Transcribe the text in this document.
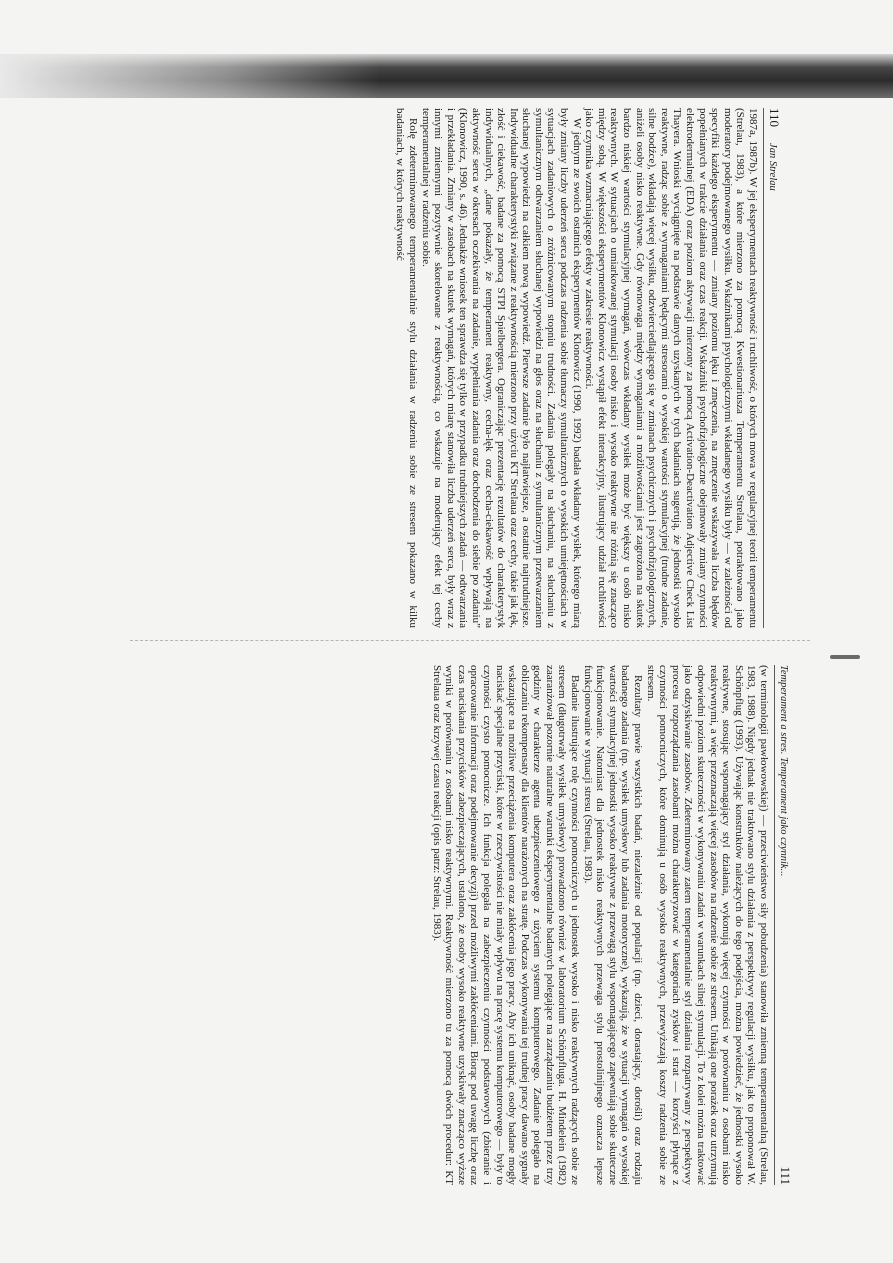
110
Jan Strelau

1987a, 1987b). W jej eksperymentach reaktywność i ruchliwość, o których mowa w regulacyjnej teorii temperamentu (Strelau, 1983), a które mierzono za pomocą Kwestionariusza Temperamentu Strelaua, potraktowano jako moderatory podejmowanego wysiłku. Wskaźnikami psychologicznymi wkładanego wysiłku były — w zależności od specyfiki każdego eksperymentu — zmiany poziomu lęku i zmęczenia, na zmęczenie wskazywała liczba błędów popełnianych w trakcie działania oraz czas reakcji. Wskaźniki psychofizjologiczne obejmowały zmiany czynności elektrodermalnej (EDA) oraz poziom aktywacji mierzony za pomocą Activation-Deactivation Adjective Check List Thayera. Wnioski wyciągnięte na podstawie danych uzyskanych w tych badaniach sugerują, że jednostki wysoko reaktywne, radząc sobie z wymaganiami będącymi stresorami o wysokiej wartości stymulacyjnej (trudne zadanie, silne bodźce), wkładają więcej wysiłku, odzwierciedlającego się w zmianach psychicznych i psychofizjologicznych, aniżeli osoby nisko reaktywne. Gdy równowaga między wymaganiami a możliwościami jest zagrożona na skutek bardzo niskiej wartości stymulacyjnej wymagań, wówczas wkładany wysiłek może być większy u osób nisko reaktywnych. W sytuacjach o umiarkowanej stymulacji osoby nisko i wysoko reaktywne nie różnią się znacząco między sobą. W większości eksperymentów Klonowicz wystąpił efekt interakcyjny, ilustrujący udział ruchliwości jako czynnika wzmacniającego efekty w zakresie reaktywności.

W jednym ze swoich ostatnich eksperymentów Klonowicz (1990, 1992) badała wkładany wysiłek, którego miarą były zmiany liczby uderzeń serca podczas radzenia sobie tłumaczy symultanicznych o wysokich umiejętnościach w sytuacjach zadaniowych o zróżnicowanym stopniu trudności. Zadania polegały na słuchaniu, na słuchaniu z symultanicznym odtwarzaniem słuchanej wypowiedzi na głos oraz na słuchaniu z symultanicznym przetwarzaniem słuchanej wypowiedzi na całkiem nową wypowiedź. Pierwsze zadanie było najłatwiejsze, a ostatnie najtrudniejsze. Indywidualne charakterystyki związane z reaktywnością mierzono przy użyciu KT Strelaua oraz cechy, takie jak lęk, złość i ciekawość, badane za pomocą STPI Spielbergera. Ograniczając prezentację rezultatów do charakterystyk indywidualnych, „dane pokazały, że temperament reaktywny, cecha-lęk oraz cecha-ciekawość wpływają na aktywność serca w okresach oczekiwania na zadanie, wypełniania zadania oraz dochodzenia do siebie po zadaniu” (Klonowicz, 1990, s. 46). Jednakże wniosek ten sprawdza się tylko w przypadku trudniejszych zadań — odtwarzania i przekładania. Zmiany w zasobach na skutek wymagań, których miarę stanowiła liczba uderzeń serca, były wraz z innymi zmiennymi pozytywnie skorelowane z reaktywnością, co wskazuje na moderujący efekt tej cechy temperamentalnej w radzeniu sobie.

Rolę zdeterminowanego temperamentalnie stylu działania w radzeniu sobie ze stresem pokazano w kilku badaniach, w których reaktywność

Temperament a stres. Temperament jako czynnik...
111

(w terminologii pawłowowskiej) — przeciwieństwo siły pobudzenia) stanowiła zmienną temperamentalną (Strelau, 1983, 1988). Nigdy jednak nie traktowano stylu działania z perspektywy regulacji wysiłku, jak to proponował W. Schönpflug (1993). Używając konstruktów należących do tego podejścia, można powiedzieć, że jednostki wysoko reaktywne, stosując wspomagający styl działania, wykonują więcej czynności w porównaniu z osobami nisko reaktywnymi, a więc przeznaczają więcej zasobów na radzenie sobie ze stresem. Unikają one porażek oraz utrzymują odpowiedni poziom skuteczności w wykonywaniu zadań w warunkach silnej stymulacji. To z kolei można traktować jako odzyskiwanie zasobów. Zdeterminowany zatem temperamentalnie styl działania rozpatrywany z perspektywy procesu rozporządzania zasobami można charakteryzować w kategoriach zysków i strat — korzyści płynące z czynności pomocniczych, które dominują u osób wysoko reaktywnych, przewyższają koszty radzenia sobie ze stresem.

Rezultaty prawie wszystkich badań, niezależnie od populacji (np. dzieci, dorastający, dorośli) oraz rodzaju badanego zadania (np. wysiłek umysłowy lub zadania motoryczne), wykazują, że w sytuacji wymagań o wysokiej wartości stymulacyjnej jednostki wysoko reaktywne z przewagą stylu wspomagającego zapewniają sobie skuteczne funkcjonowanie. Natomiast dla jednostek nisko reaktywnych przewaga stylu prostolinijnego oznacza lepsze funkcjonowanie w sytuacji stresu (Strelau, 1983).

Badanie ilustrujące rolę czynności pomocniczych u jednostek wysoko i nisko reaktywnych radzących sobie ze stresem (długotrwały wysiłek umysłowy) prowadzono również w laboratorium Schönpfluga. H. Mindelein (1982) zaaranżował pozornie naturalne warunki eksperymentalne badanych polegające na zarządzaniu budżetem przez trzy godziny w charakterze agenta ubezpieczeniowego z użyciem systemu komputerowego. Zadanie polegało na obliczaniu rekompensaty dla klientów narażonych na stratę. Podczas wykonywania tej trudnej pracy dawano sygnały wskazujące na możliwe przeciążenia komputera oraz zakłócenia jego pracy. Aby ich uniknąć, osoby badane mogły naciskać specjalne przyciski, które w rzeczywistości nie miały wpływu na pracę systemu komputerowego — były to czynności czysto pomocnicze. Ich funkcja polegała na zabezpieczeniu czynności podstawowych (zbieranie i opracowanie informacji oraz podejmowanie decyzji) przed możliwymi zakłóceniami. Biorąc pod uwagę liczbę oraz czas naciskania przycisków zabezpieczających, ustalono, że osoby wysoko reaktywne uzyskiwały znacząco wyższe wyniki w porównaniu z osobami nisko reaktywnymi. Reaktywność mierzono tu za pomocą dwóch procedur: KT Strelaua oraz krzywej czasu reakcji (opis patrz: Strelau, 1983).
